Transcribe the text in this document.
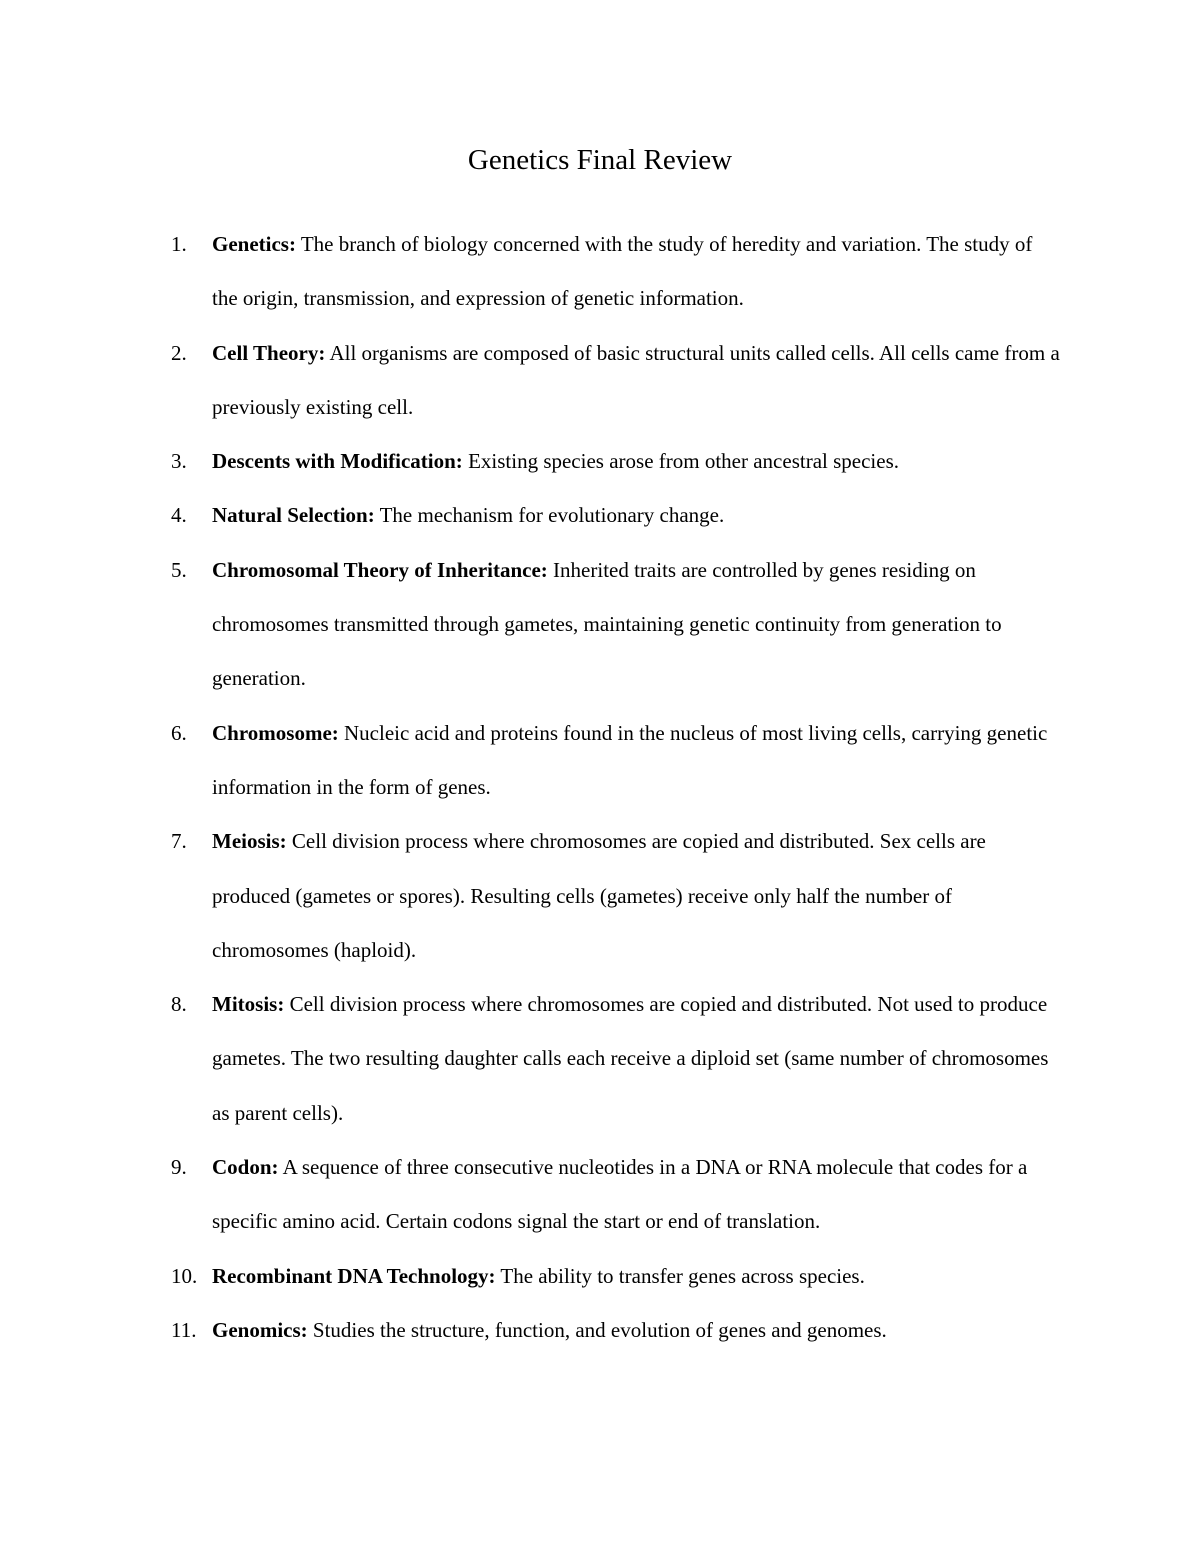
Genetics Final Review
1. Genetics: The branch of biology concerned with the study of heredity and variation. The study of the origin, transmission, and expression of genetic information.
2. Cell Theory: All organisms are composed of basic structural units called cells. All cells came from a previously existing cell.
3. Descents with Modification: Existing species arose from other ancestral species.
4. Natural Selection: The mechanism for evolutionary change.
5. Chromosomal Theory of Inheritance: Inherited traits are controlled by genes residing on chromosomes transmitted through gametes, maintaining genetic continuity from generation to generation.
6. Chromosome: Nucleic acid and proteins found in the nucleus of most living cells, carrying genetic information in the form of genes.
7. Meiosis: Cell division process where chromosomes are copied and distributed. Sex cells are produced (gametes or spores). Resulting cells (gametes) receive only half the number of chromosomes (haploid).
8. Mitosis: Cell division process where chromosomes are copied and distributed. Not used to produce gametes. The two resulting daughter calls each receive a diploid set (same number of chromosomes as parent cells).
9. Codon: A sequence of three consecutive nucleotides in a DNA or RNA molecule that codes for a specific amino acid. Certain codons signal the start or end of translation.
10. Recombinant DNA Technology: The ability to transfer genes across species.
11. Genomics: Studies the structure, function, and evolution of genes and genomes.
